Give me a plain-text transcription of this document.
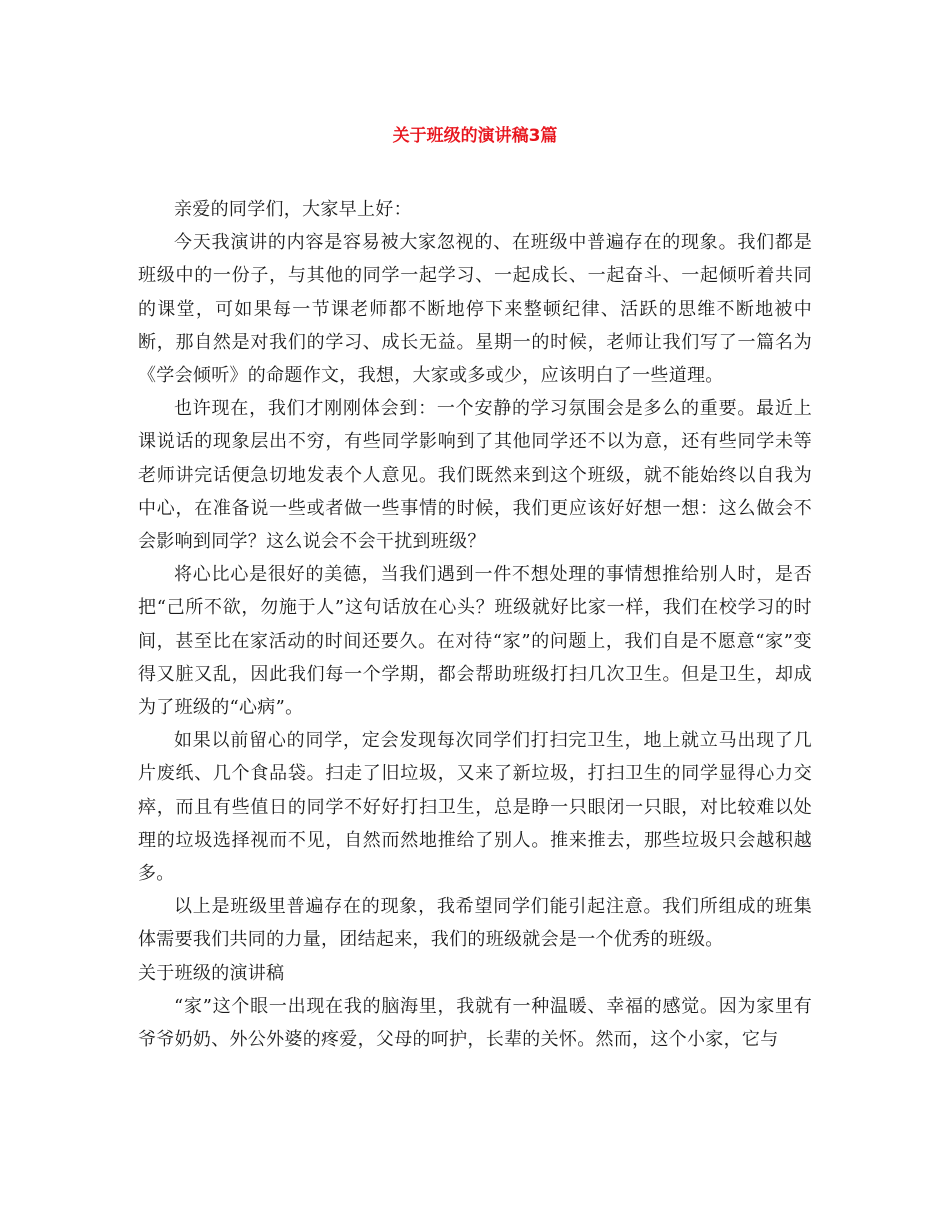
关于班级的演讲稿3篇

亲爱的同学们，大家早上好：

今天我演讲的内容是容易被大家忽视的、在班级中普遍存在的现象。我们都是班级中的一份子，与其他的同学一起学习、一起成长、一起奋斗、一起倾听着共同的课堂，可如果每一节课老师都不断地停下来整顿纪律、活跃的思维不断地被中断，那自然是对我们的学习、成长无益。星期一的时候，老师让我们写了一篇名为《学会倾听》的命题作文，我想，大家或多或少，应该明白了一些道理。

也许现在，我们才刚刚体会到：一个安静的学习氛围会是多么的重要。最近上课说话的现象层出不穷，有些同学影响到了其他同学还不以为意，还有些同学未等老师讲完话便急切地发表个人意见。我们既然来到这个班级，就不能始终以自我为中心，在准备说一些或者做一些事情的时候，我们更应该好好想一想：这么做会不会影响到同学？这么说会不会干扰到班级？

将心比心是很好的美德，当我们遇到一件不想处理的事情想推给别人时，是否把“己所不欲，勿施于人”这句话放在心头？班级就好比家一样，我们在校学习的时间，甚至比在家活动的时间还要久。在对待“家”的问题上，我们自是不愿意“家”变得又脏又乱，因此我们每一个学期，都会帮助班级打扫几次卫生。但是卫生，却成为了班级的“心病”。

如果以前留心的同学，定会发现每次同学们打扫完卫生，地上就立马出现了几片废纸、几个食品袋。扫走了旧垃圾，又来了新垃圾，打扫卫生的同学显得心力交瘁，而且有些值日的同学不好好打扫卫生，总是睁一只眼闭一只眼，对比较难以处理的垃圾选择视而不见，自然而然地推给了别人。推来推去，那些垃圾只会越积越多。

以上是班级里普遍存在的现象，我希望同学们能引起注意。我们所组成的班集体需要我们共同的力量，团结起来，我们的班级就会是一个优秀的班级。

关于班级的演讲稿

“家”这个眼一出现在我的脑海里，我就有一种温暖、幸福的感觉。因为家里有爷爷奶奶、外公外婆的疼爱，父母的呵护，长辈的关怀。然而，这个小家，它与
